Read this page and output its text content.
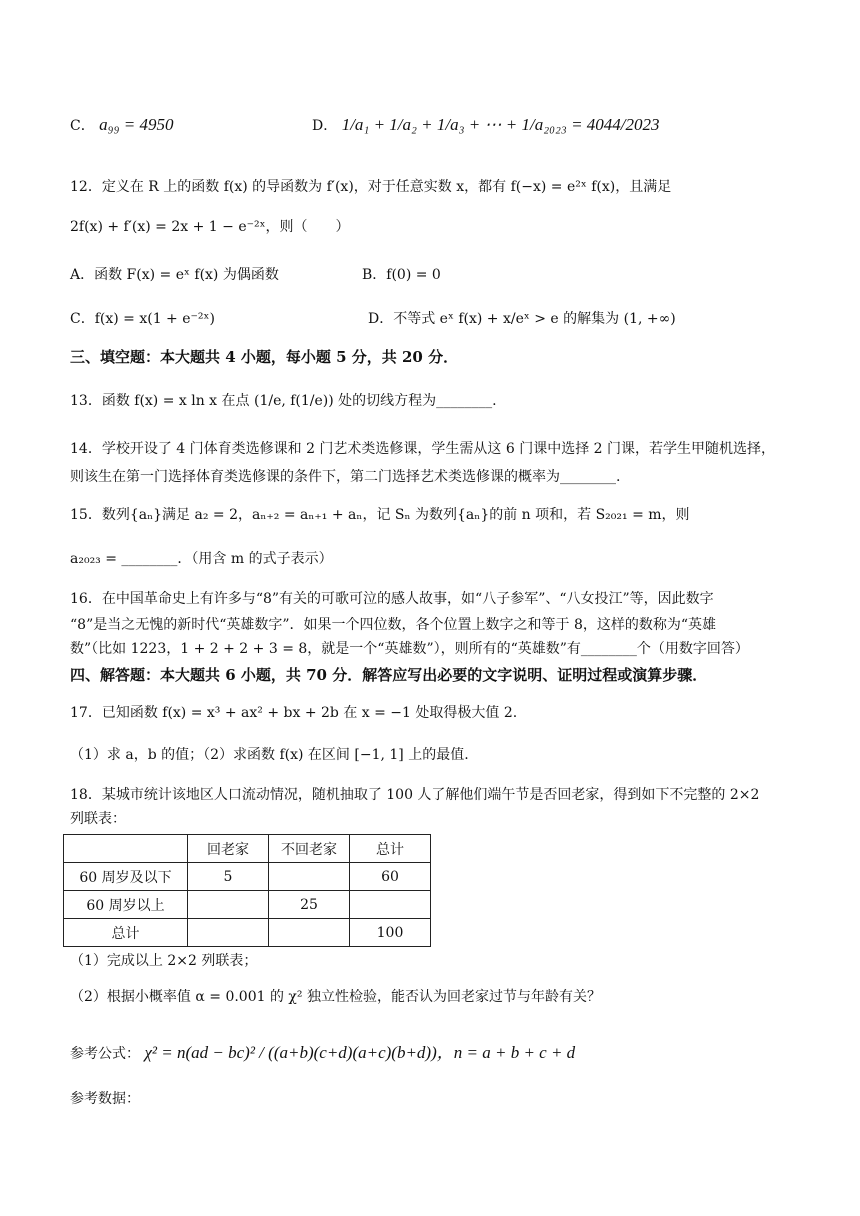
C． a₉₉ = 4950	D． 1/a₁ + 1/a₂ + 1/a₃ + ⋯ + 1/a₂₀₂₃ = 4044/2023
12．定义在 R 上的函数 f(x) 的导函数为 f′(x)，对于任意实数 x，都有 f(−x) = e²ˣ f(x)，且满足
2f(x) + f′(x) = 2x + 1 − e⁻²ˣ，则（　　）
A．函数 F(x) = eˣ f(x) 为偶函数	B．f(0) = 0
C．f(x) = x(1 + e⁻²ˣ)	D．不等式 eˣ f(x) + x/eˣ > e 的解集为 (1, +∞)
三、填空题：本大题共 4 小题，每小题 5 分，共 20 分．
13．函数 f(x) = x ln x 在点 (1/e, f(1/e)) 处的切线方程为________.
14．学校开设了 4 门体育类选修课和 2 门艺术类选修课，学生需从这 6 门课中选择 2 门课，若学生甲随机选择，
则该生在第一门选择体育类选修课的条件下，第二门选择艺术类选修课的概率为________.
15．数列{aₙ}满足 a₂ = 2，aₙ₊₂ = aₙ₊₁ + aₙ，记 Sₙ 为数列{aₙ}的前 n 项和，若 S₂₀₂₁ = m，则
a₂₀₂₃ = ________．（用含 m 的式子表示）
16．在中国革命史上有许多与“8”有关的可歌可泣的感人故事，如“八子参军”、“八女投江”等，因此数字
“8”是当之无愧的新时代“英雄数字”．如果一个四位数，各个位置上数字之和等于 8，这样的数称为“英雄
数”（比如 1223，1 + 2 + 2 + 3 = 8，就是一个“英雄数”），则所有的“英雄数”有________个（用数字回答）
四、解答题：本大题共 6 小题，共 70 分．解答应写出必要的文字说明、证明过程或演算步骤．
17．已知函数 f(x) = x³ + ax² + bx + 2b 在 x = −1 处取得极大值 2.
（1）求 a，b 的值；（2）求函数 f(x) 在区间 [−1, 1] 上的最值.
18．某城市统计该地区人口流动情况，随机抽取了 100 人了解他们端午节是否回老家，得到如下不完整的 2×2
列联表：
	回老家	不回老家	总计
60 周岁及以下	5		60
60 周岁以上		25	
总计			100
（1）完成以上 2×2 列联表；
（2）根据小概率值 α = 0.001 的 χ² 独立性检验，能否认为回老家过节与年龄有关？
参考公式： χ² = n(ad − bc)² / ((a+b)(c+d)(a+c)(b+d))，n = a + b + c + d
参考数据：
